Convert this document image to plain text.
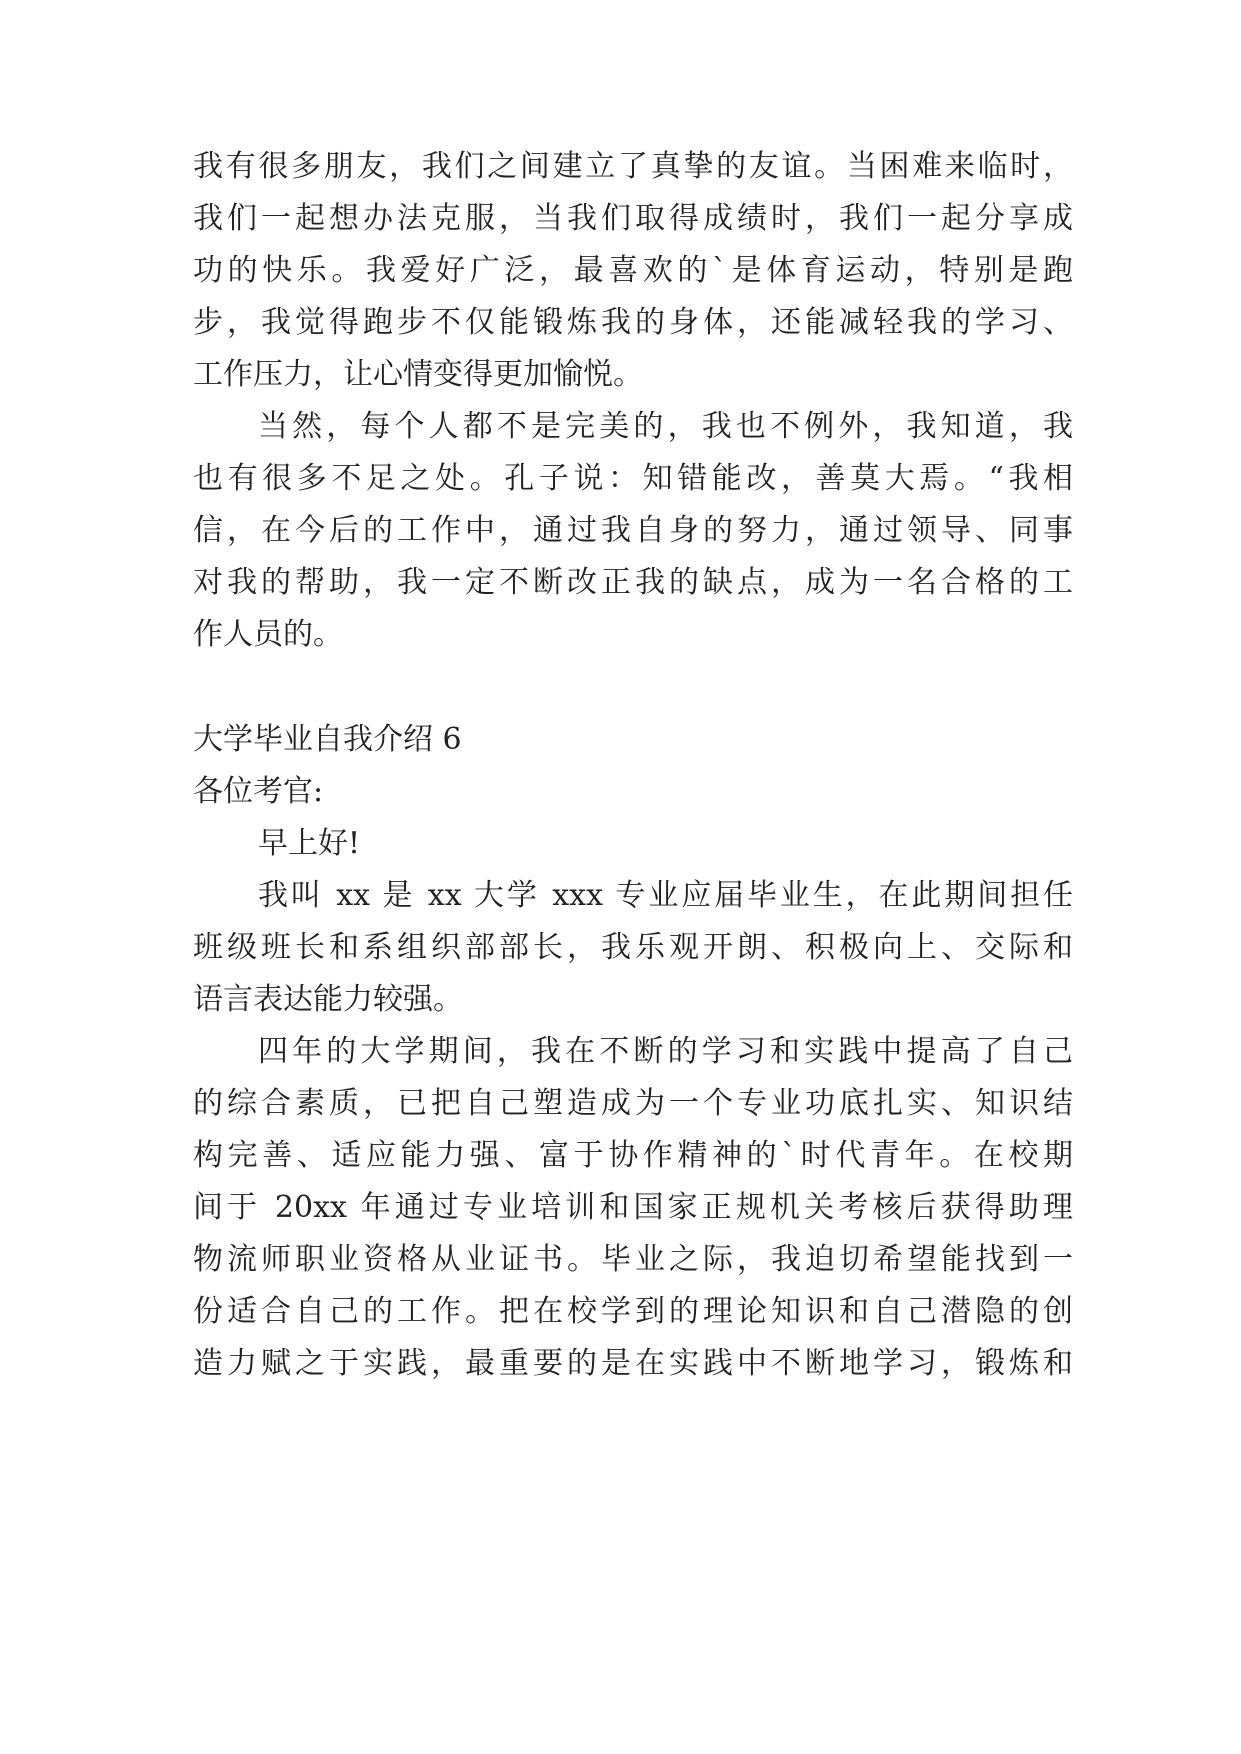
我有很多朋友，我们之间建立了真挚的友谊。当困难来临时，
我们一起想办法克服，当我们取得成绩时，我们一起分享成
功的快乐。我爱好广泛，最喜欢的`是体育运动，特别是跑
步，我觉得跑步不仅能锻炼我的身体，还能减轻我的学习、
工作压力，让心情变得更加愉悦。
当然，每个人都不是完美的，我也不例外，我知道，我
也有很多不足之处。孔子说：知错能改，善莫大焉。“我相
信，在今后的工作中，通过我自身的努力，通过领导、同事
对我的帮助，我一定不断改正我的缺点，成为一名合格的工
作人员的。
大学毕业自我介绍 6
各位考官:
早上好!
我叫 xx 是 xx 大学 xxx 专业应届毕业生，在此期间担任
班级班长和系组织部部长，我乐观开朗、积极向上、交际和
语言表达能力较强。
四年的大学期间，我在不断的学习和实践中提高了自己
的综合素质，已把自己塑造成为一个专业功底扎实、知识结
构完善、适应能力强、富于协作精神的`时代青年。在校期
间于 20xx 年通过专业培训和国家正规机关考核后获得助理
物流师职业资格从业证书。毕业之际，我迫切希望能找到一
份适合自己的工作。把在校学到的理论知识和自己潜隐的创
造力赋之于实践，最重要的是在实践中不断地学习，锻炼和
